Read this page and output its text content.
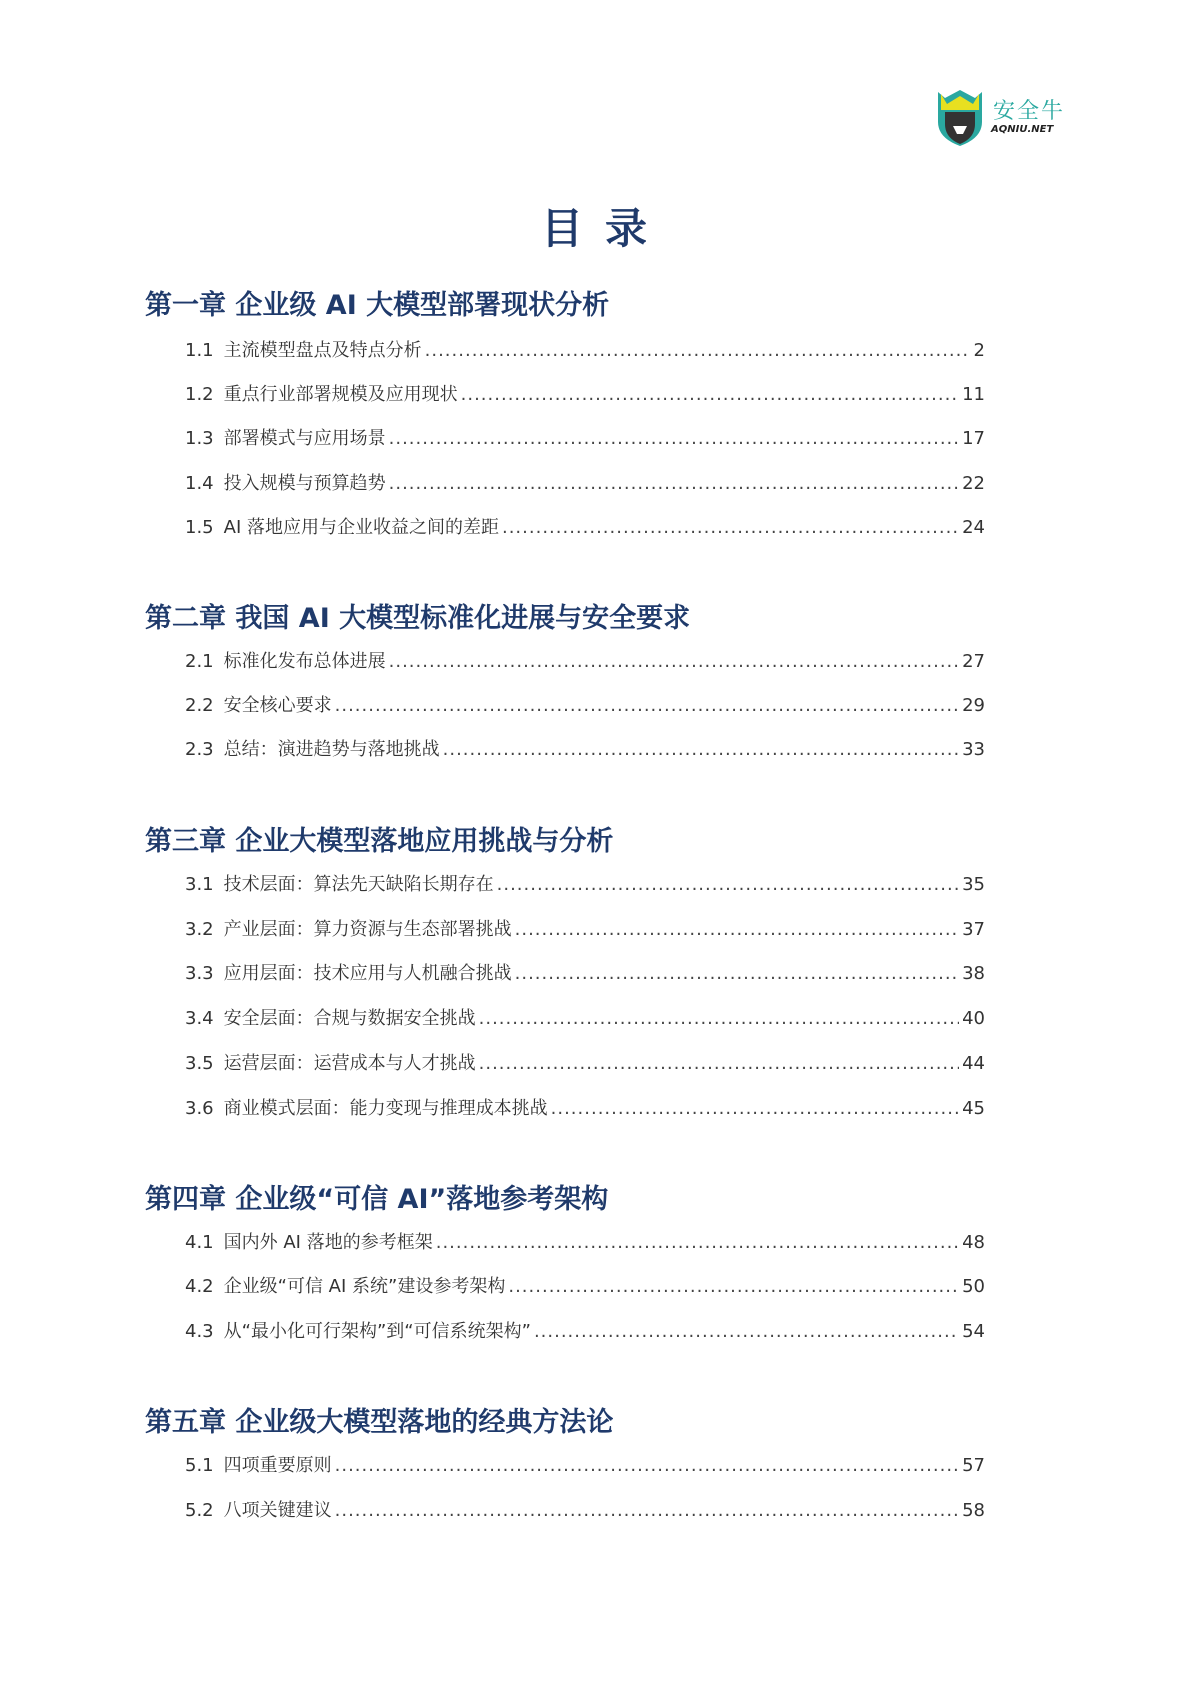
安全牛
AQNIU.NET
目录
第一章 企业级 AI 大模型部署现状分析
1.1 主流模型盘点及特点分析 .....	2
1.2 重点行业部署规模及应用现状 .....	11
1.3 部署模式与应用场景 .....	17
1.4 投入规模与预算趋势 .....	22
1.5 AI 落地应用与企业收益之间的差距 .....	24
第二章 我国 AI 大模型标准化进展与安全要求
2.1 标准化发布总体进展 .....	27
2.2 安全核心要求 .....	29
2.3 总结：演进趋势与落地挑战 .....	33
第三章 企业大模型落地应用挑战与分析
3.1 技术层面：算法先天缺陷长期存在 .....	35
3.2 产业层面：算力资源与生态部署挑战 .....	37
3.3 应用层面：技术应用与人机融合挑战 .....	38
3.4 安全层面：合规与数据安全挑战 .....	40
3.5 运营层面：运营成本与人才挑战 .....	44
3.6 商业模式层面：能力变现与推理成本挑战 .....	45
第四章 企业级“可信 AI”落地参考架构
4.1 国内外 AI 落地的参考框架 .....	48
4.2 企业级“可信 AI 系统”建设参考架构 .....	50
4.3 从“最小化可行架构”到“可信系统架构” .....	54
第五章 企业级大模型落地的经典方法论
5.1 四项重要原则 .....	57
5.2 八项关键建议 .....	58
